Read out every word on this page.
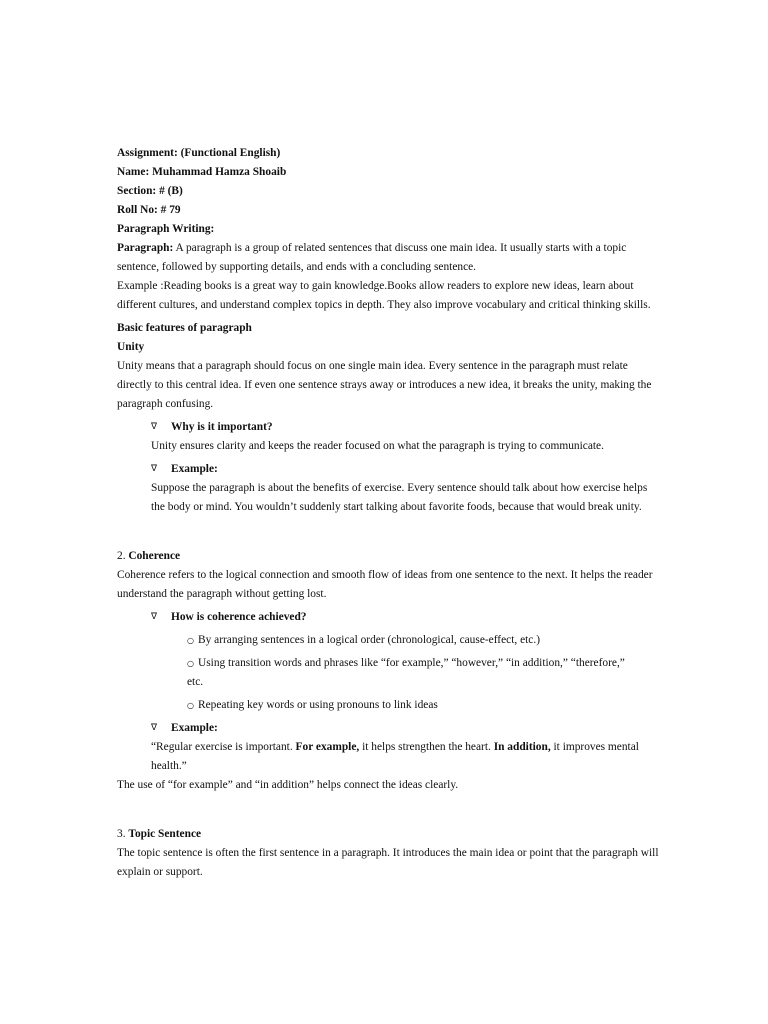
Assignment: (Functional English)
Name: Muhammad Hamza Shoaib
Section: # (B)
Roll No: # 79
Paragraph Writing:

Paragraph: A paragraph is a group of related sentences that discuss one main idea. It usually starts with a topic sentence, followed by supporting details, and ends with a concluding sentence.

Example :Reading books is a great way to gain knowledge.Books allow readers to explore new ideas, learn about different cultures, and understand complex topics in depth. They also improve vocabulary and critical thinking skills.

Basic features of paragraph
Unity

Unity means that a paragraph should focus on one single main idea. Every sentence in the paragraph must relate directly to this central idea. If even one sentence strays away or introduces a new idea, it breaks the unity, making the paragraph confusing.

∇	Why is it important?

Unity ensures clarity and keeps the reader focused on what the paragraph is trying to communicate.

∇	Example:

Suppose the paragraph is about the benefits of exercise. Every sentence should talk about how exercise helps the body or mind. You wouldn’t suddenly start talking about favorite foods, because that would break unity.

2. Coherence

Coherence refers to the logical connection and smooth flow of ideas from one sentence to the next. It helps the reader understand the paragraph without getting lost.

∇	How is coherence achieved?
○ By arranging sentences in a logical order (chronological, cause-effect, etc.)
○ Using transition words and phrases like “for example,” “however,” “in addition,” “therefore,”
etc.
○ Repeating key words or using pronouns to link ideas
∇	Example:
“Regular exercise is important. For example, it helps strengthen the heart. In addition, it improves mental
health.”

The use of “for example” and “in addition” helps connect the ideas clearly.

3. Topic Sentence

The topic sentence is often the first sentence in a paragraph. It introduces the main idea or point that the paragraph will explain or support.
